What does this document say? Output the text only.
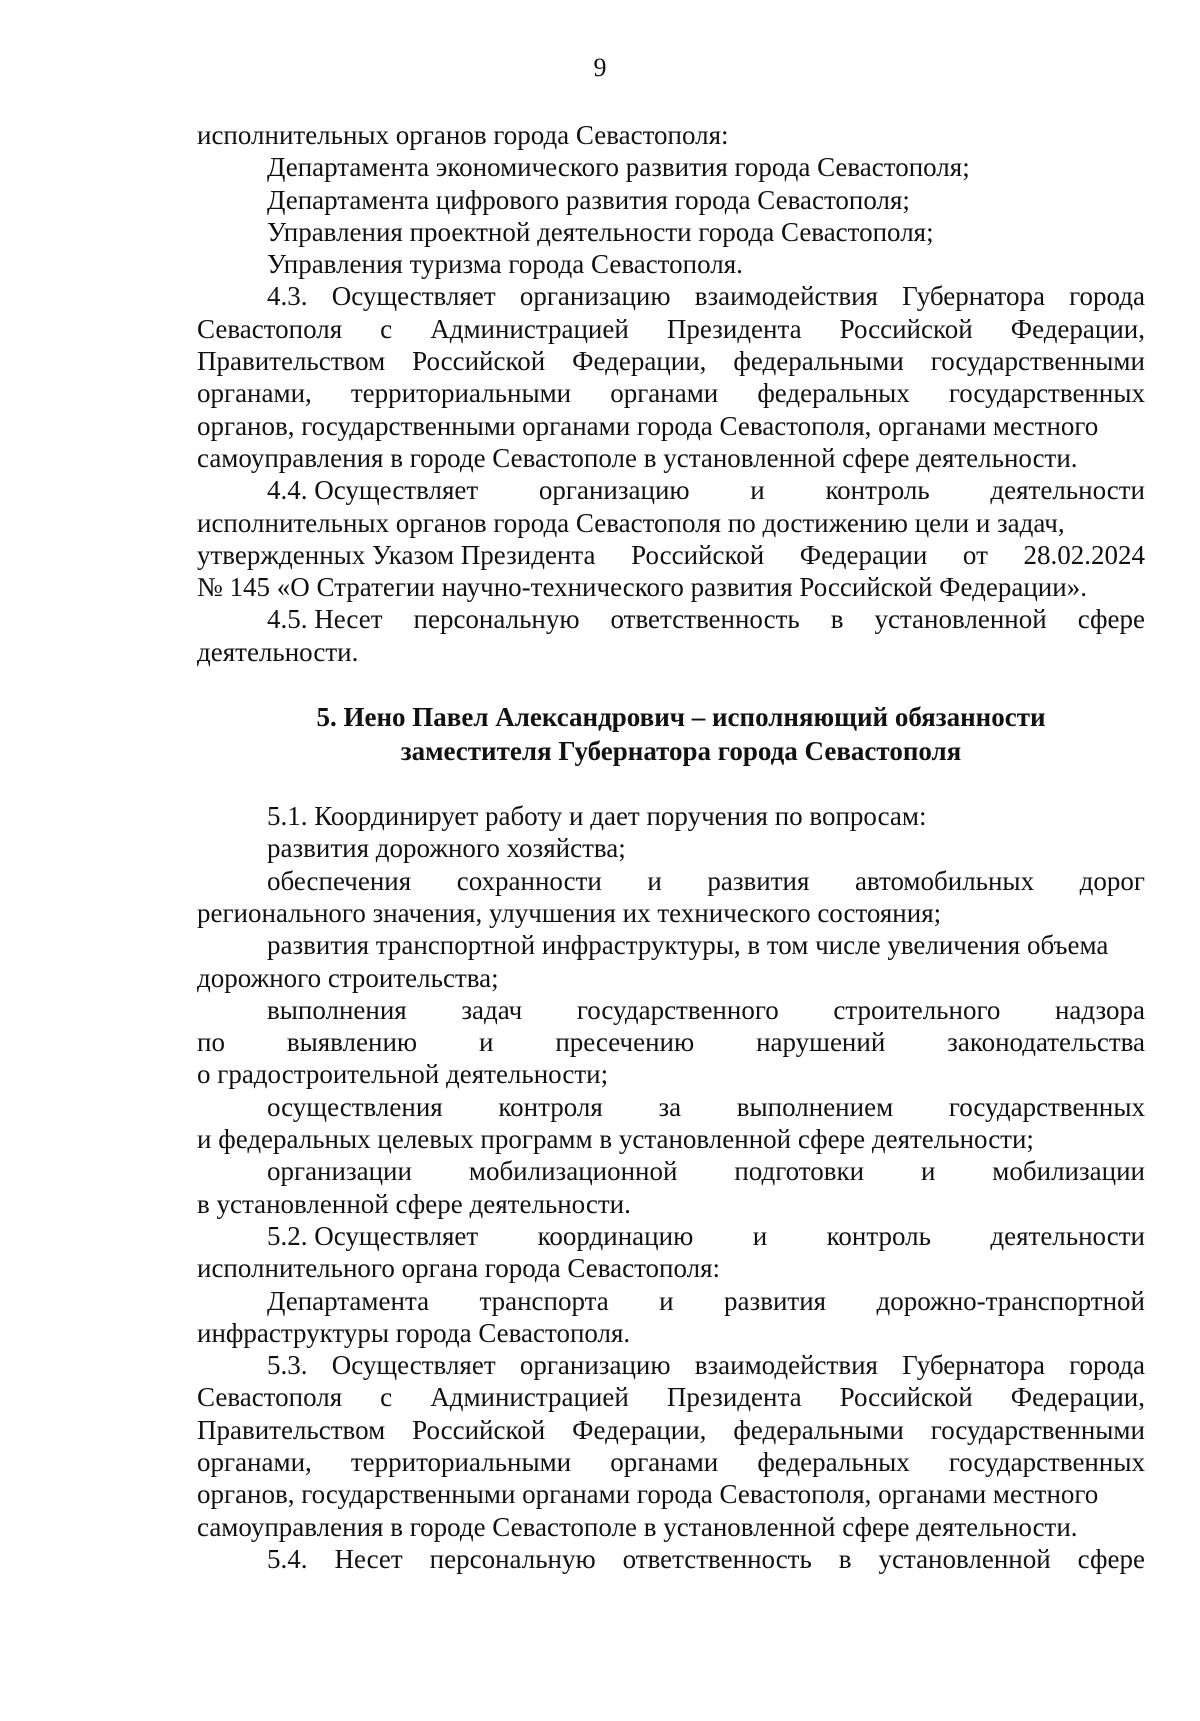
9
исполнительных органов города Севастополя:
Департамента экономического развития города Севастополя;
Департамента цифрового развития города Севастополя;
Управления проектной деятельности города Севастополя;
Управления туризма города Севастополя.
4.3. Осуществляет организацию взаимодействия Губернатора города
Севастополя с Администрацией Президента Российской Федерации,
Правительством Российской Федерации, федеральными государственными
органами, территориальными органами федеральных государственных
органов, государственными органами города Севастополя, органами местного
самоуправления в городе Севастополе в установленной сфере деятельности.
4.4. Осуществляет организацию и контроль деятельности
исполнительных органов города Севастополя по достижению цели и задач,
утвержденных Указом Президента Российской Федерации от 28.02.2024
№ 145 «О Стратегии научно-технического развития Российской Федерации».
4.5. Несет персональную ответственность в установленной сфере
деятельности.
5. Иено Павел Александрович – исполняющий обязанности
заместителя Губернатора города Севастополя
5.1. Координирует работу и дает поручения по вопросам:
развития дорожного хозяйства;
обеспечения сохранности и развития автомобильных дорог
регионального значения, улучшения их технического состояния;
развития транспортной инфраструктуры, в том числе увеличения объема
дорожного строительства;
выполнения задач государственного строительного надзора
по выявлению и пресечению нарушений законодательства
о градостроительной деятельности;
осуществления контроля за выполнением государственных
и федеральных целевых программ в установленной сфере деятельности;
организации мобилизационной подготовки и мобилизации
в установленной сфере деятельности.
5.2. Осуществляет координацию и контроль деятельности
исполнительного органа города Севастополя:
Департамента транспорта и развития дорожно-транспортной
инфраструктуры города Севастополя.
5.3. Осуществляет организацию взаимодействия Губернатора города
Севастополя с Администрацией Президента Российской Федерации,
Правительством Российской Федерации, федеральными государственными
органами, территориальными органами федеральных государственных
органов, государственными органами города Севастополя, органами местного
самоуправления в городе Севастополе в установленной сфере деятельности.
5.4. Несет персональную ответственность в установленной сфере
